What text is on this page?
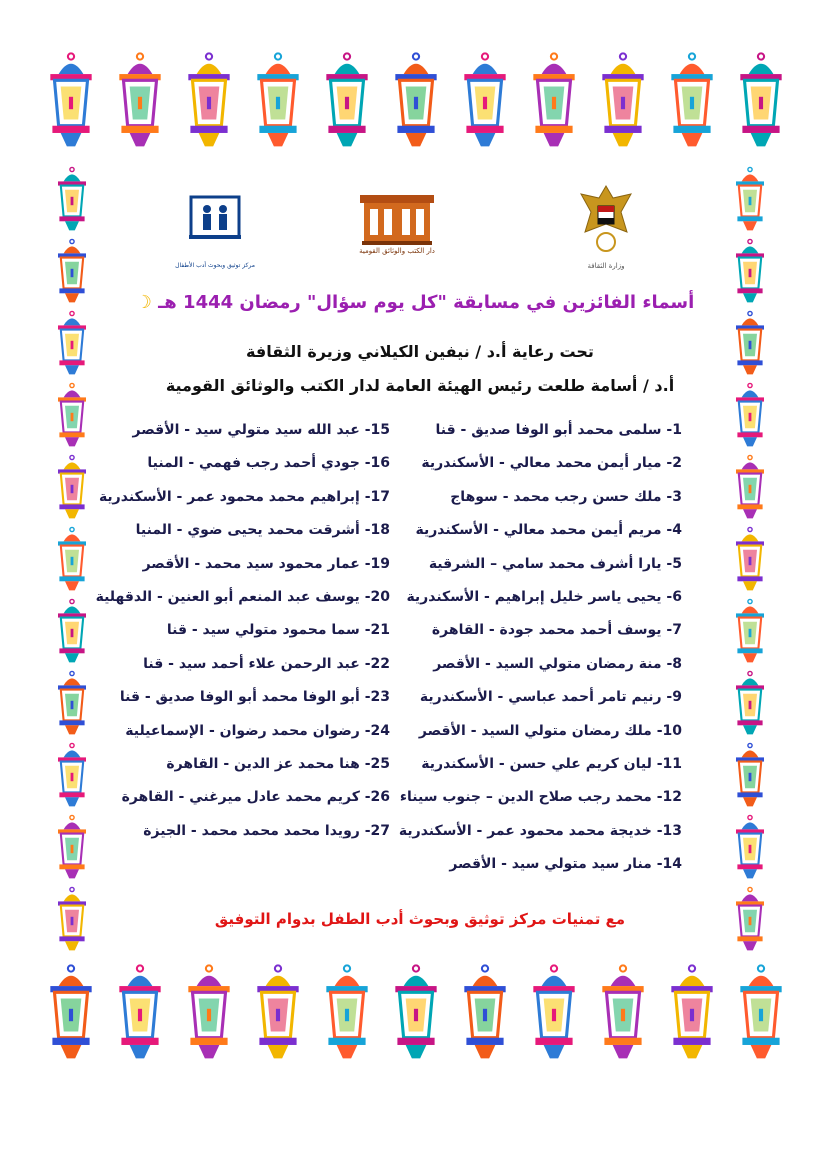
وزارة الثقافة
مركز توثيق وبحوث أدب الأطفال
دار الكتب والوثائق القومية
أسماء الفائزين في مسابقة "كل يوم سؤال" رمضان 1444 هـ ☽
تحت رعاية أ.د / نيفين الكيلاني وزيرة الثقافة
أ.د / أسامة طلعت رئيس الهيئة العامة لدار الكتب والوثائق القومية
1- سلمى محمد أبو الوفا صديق - قنا
2- ميار أيمن محمد معالي - الأسكندرية
3- ملك حسن رجب محمد - سوهاج
4- مريم أيمن محمد معالي - الأسكندرية
5- يارا أشرف محمد سامي – الشرقية
6- يحيى ياسر خليل إبراهيم - الأسكندرية
7- يوسف أحمد محمد جودة - القاهرة
8- منة رمضان متولي السيد - الأقصر
9- رنيم تامر أحمد عباسي - الأسكندرية
10- ملك رمضان متولي السيد - الأقصر
11- ليان كريم علي حسن - الأسكندرية
12- محمد رجب صلاح الدين – جنوب سيناء
13- خديجة محمد محمود عمر - الأسكندرية
14- منار سيد متولي سيد - الأقصر
15- عبد الله سيد متولي سيد - الأقصر
16- جودي أحمد رجب فهمي - المنيا
17- إبراهيم محمد محمود عمر - الأسكندرية
18- أشرقت محمد يحيى ضوي - المنيا
19- عمار محمود سيد محمد - الأقصر
20- يوسف عبد المنعم أبو العنين - الدقهلية
21- سما محمود متولي سيد - قنا
22- عبد الرحمن علاء أحمد سيد - قنا
23- أبو الوفا محمد أبو الوفا صديق - قنا
24- رضوان محمد رضوان - الإسماعيلية
25- هنا محمد عز الدين - القاهرة
26- كريم محمد عادل ميرغني - القاهرة
27- رويدا محمد محمد محمد - الجيزة
مع تمنيات مركز توثيق وبحوث أدب الطفل بدوام التوفيق
